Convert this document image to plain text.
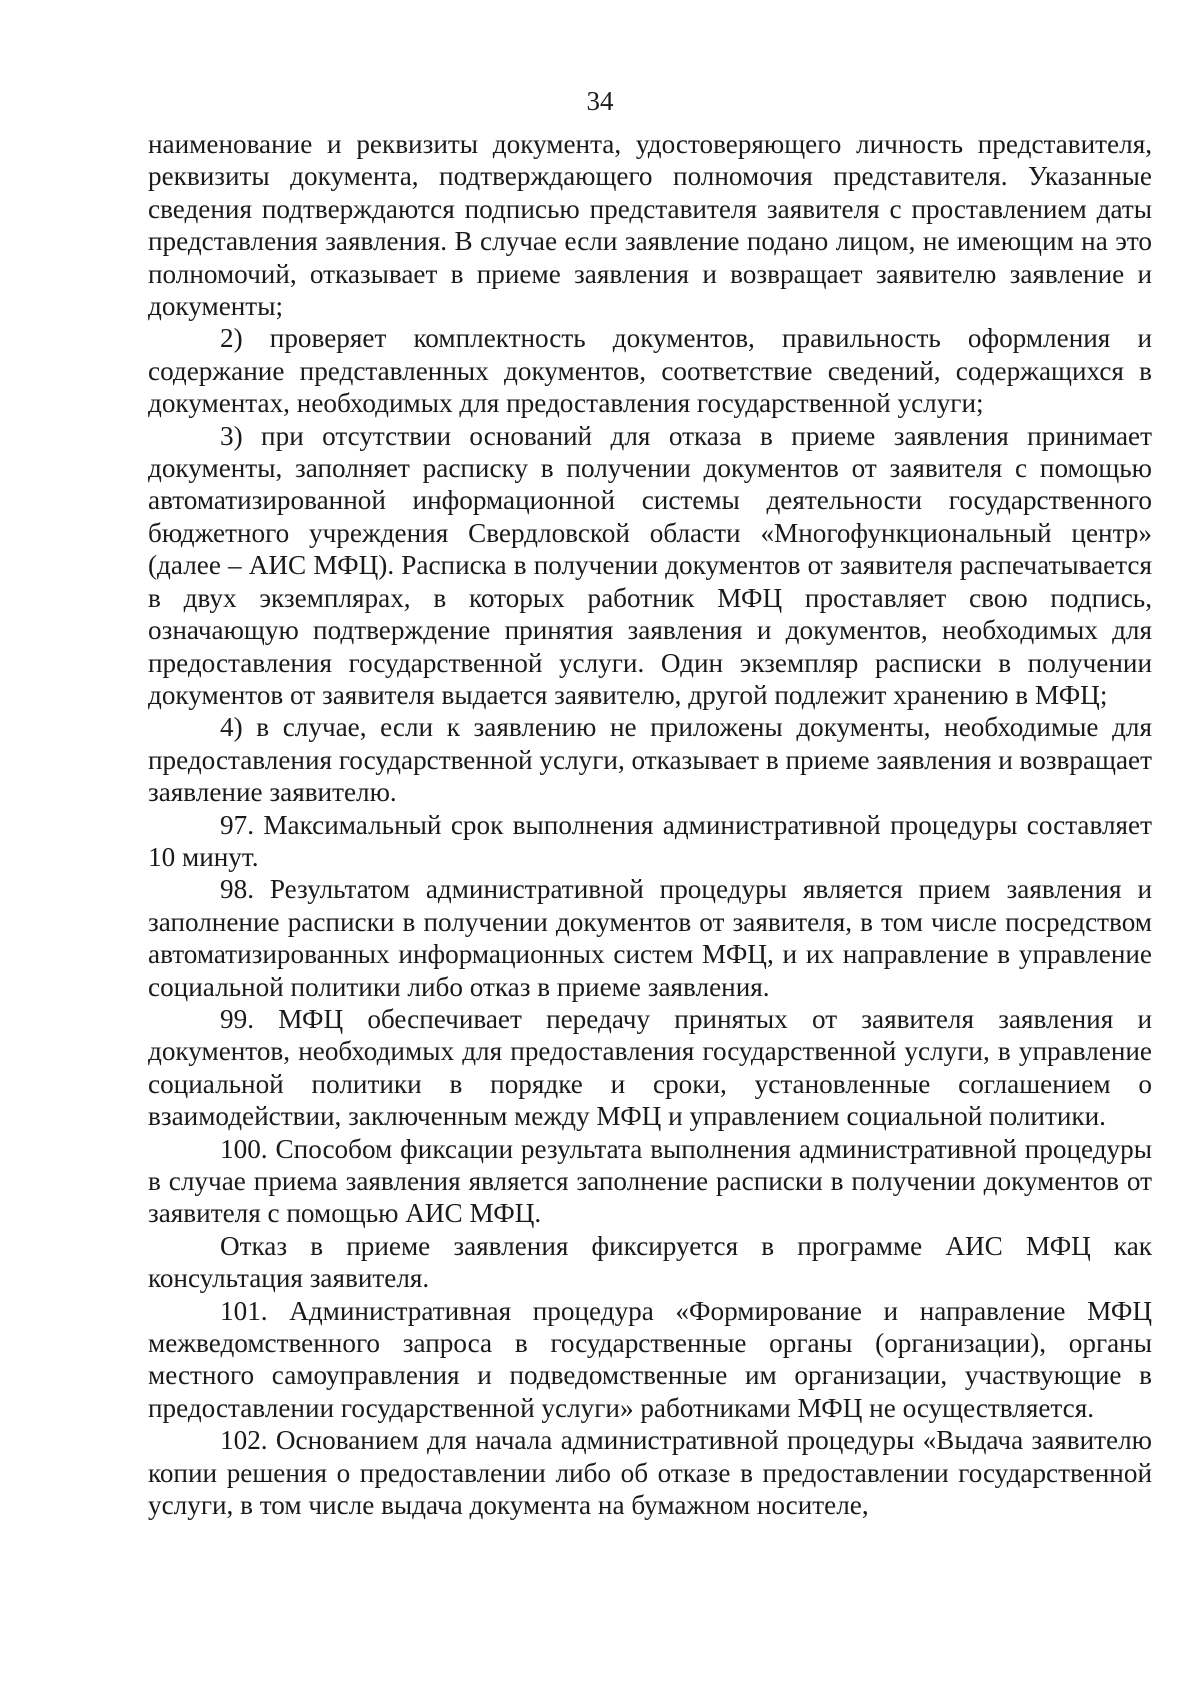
34

наименование и реквизиты документа, удостоверяющего личность представителя, реквизиты документа, подтверждающего полномочия представителя. Указанные сведения подтверждаются подписью представителя заявителя с проставлением даты представления заявления. В случае если заявление подано лицом, не имеющим на это полномочий, отказывает в приеме заявления и возвращает заявителю заявление и документы;

2) проверяет комплектность документов, правильность оформления и содержание представленных документов, соответствие сведений, содержащихся в документах, необходимых для предоставления государственной услуги;

3) при отсутствии оснований для отказа в приеме заявления принимает документы, заполняет расписку в получении документов от заявителя с помощью автоматизированной информационной системы деятельности государственного бюджетного учреждения Свердловской области «Многофункциональный центр» (далее – АИС МФЦ). Расписка в получении документов от заявителя распечатывается в двух экземплярах, в которых работник МФЦ проставляет свою подпись, означающую подтверждение принятия заявления и документов, необходимых для предоставления государственной услуги. Один экземпляр расписки в получении документов от заявителя выдается заявителю, другой подлежит хранению в МФЦ;

4) в случае, если к заявлению не приложены документы, необходимые для предоставления государственной услуги, отказывает в приеме заявления и возвращает заявление заявителю.

97. Максимальный срок выполнения административной процедуры составляет 10 минут.

98. Результатом административной процедуры является прием заявления и заполнение расписки в получении документов от заявителя, в том числе посредством автоматизированных информационных систем МФЦ, и их направление в управление социальной политики либо отказ в приеме заявления.

99. МФЦ обеспечивает передачу принятых от заявителя заявления и документов, необходимых для предоставления государственной услуги, в управление социальной политики в порядке и сроки, установленные соглашением о взаимодействии, заключенным между МФЦ и управлением социальной политики.

100. Способом фиксации результата выполнения административной процедуры в случае приема заявления является заполнение расписки в получении документов от заявителя с помощью АИС МФЦ.

Отказ в приеме заявления фиксируется в программе АИС МФЦ как консультация заявителя.

101. Административная процедура «Формирование и направление МФЦ межведомственного запроса в государственные органы (организации), органы местного самоуправления и подведомственные им организации, участвующие в предоставлении государственной услуги» работниками МФЦ не осуществляется.

102. Основанием для начала административной процедуры «Выдача заявителю копии решения о предоставлении либо об отказе в предоставлении государственной услуги, в том числе выдача документа на бумажном носителе,
